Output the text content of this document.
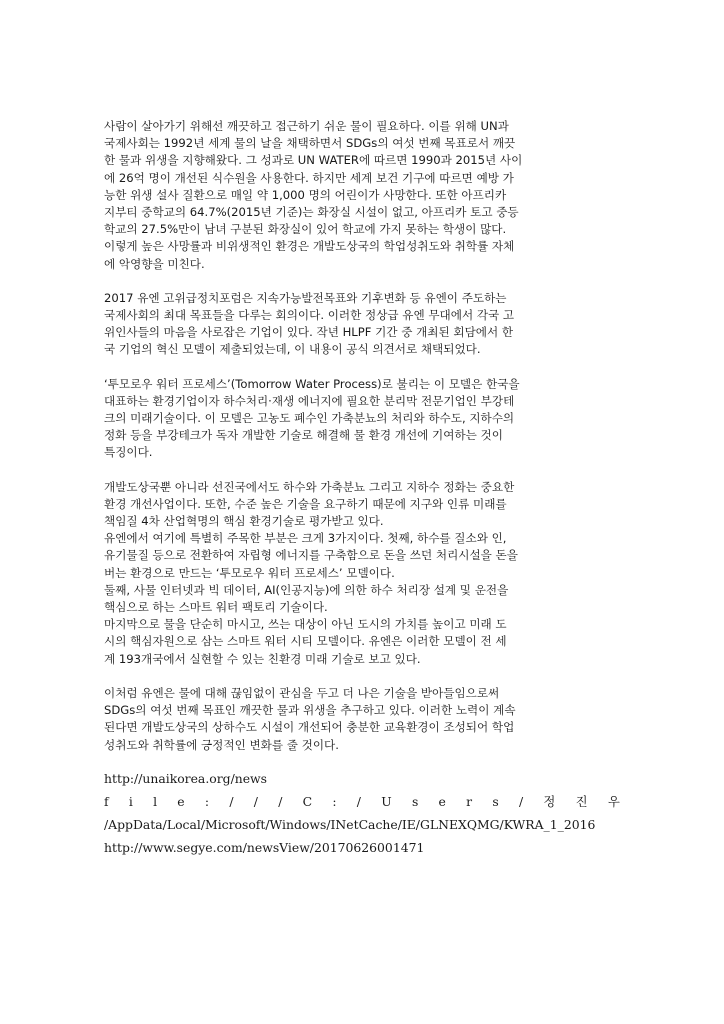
사람이 살아가기 위해선 깨끗하고 접근하기 쉬운 물이 필요하다. 이를 위해 UN과
국제사회는 1992년 세계 물의 날을 채택하면서 SDGs의 여섯 번째 목표로서 깨끗
한 물과 위생을 지향해왔다. 그 성과로 UN WATER에 따르면 1990과 2015년 사이
에 26억 명이 개선된 식수원을 사용한다. 하지만 세계 보건 기구에 따르면 예방 가
능한 위생 설사 질환으로 매일 약 1,000 명의 어린이가 사망한다. 또한 아프리카
지부티 중학교의 64.7%(2015년 기준)는 화장실 시설이 없고, 아프리카 토고 중등
학교의 27.5%만이 남녀 구분된 화장실이 있어 학교에 가지 못하는 학생이 많다.
이렇게 높은 사망률과 비위생적인 환경은 개발도상국의 학업성취도와 취학률 자체
에 악영향을 미친다.

2017 유엔 고위급정치포럼은 지속가능발전목표와 기후변화 등 유엔이 주도하는
국제사회의 최대 목표들을 다루는 회의이다. 이러한 정상급 유엔 무대에서 각국 고
위인사들의 마음을 사로잡은 기업이 있다. 작년 HLPF 기간 중 개최된 회담에서 한
국 기업의 혁신 모델이 제출되었는데, 이 내용이 공식 의견서로 채택되었다.

‘투모로우 워터 프로세스’(Tomorrow Water Process)로 불리는 이 모델은 한국을
대표하는 환경기업이자 하수처리·재생 에너지에 필요한 분리막 전문기업인 부강테
크의 미래기술이다. 이 모델은 고농도 폐수인 가축분뇨의 처리와 하수도, 지하수의
정화 등을 부강테크가 독자 개발한 기술로 해결해 물 환경 개선에 기여하는 것이
특징이다.

개발도상국뿐 아니라 선진국에서도 하수와 가축분뇨 그리고 지하수 정화는 중요한
환경 개선사업이다. 또한, 수준 높은 기술을 요구하기 때문에 지구와 인류 미래를
책임질 4차 산업혁명의 핵심 환경기술로 평가받고 있다.
유엔에서 여기에 특별히 주목한 부분은 크게 3가지이다. 첫째, 하수를 질소와 인,
유기물질 등으로 전환하여 자립형 에너지를 구축함으로 돈을 쓰던 처리시설을 돈을
버는 환경으로 만드는 ‘투모로우 워터 프로세스’ 모델이다.
둘째, 사물 인터넷과 빅 데이터, AI(인공지능)에 의한 하수 처리장 설계 및 운전을
핵심으로 하는 스마트 워터 팩토리 기술이다.
마지막으로 물을 단순히 마시고, 쓰는 대상이 아닌 도시의 가치를 높이고 미래 도
시의 핵심자원으로 삼는 스마트 워터 시티 모델이다. 유엔은 이러한 모델이 전 세
계 193개국에서 실현할 수 있는 친환경 미래 기술로 보고 있다.

이처럼 유엔은 물에 대해 끊임없이 관심을 두고 더 나은 기술을 받아들임으로써
SDGs의 여섯 번째 목표인 깨끗한 물과 위생을 추구하고 있다. 이러한 노력이 계속
된다면 개발도상국의 상하수도 시설이 개선되어 충분한 교육환경이 조성되어 학업
성취도와 취학률에 긍정적인 변화를 줄 것이다.

http://unaikorea.org/news
f i l e : / / / C : / U s e r s / 정 진 우
/AppData/Local/Microsoft/Windows/INetCache/IE/GLNEXQMG/KWRA_1_2016
http://www.segye.com/newsView/20170626001471
